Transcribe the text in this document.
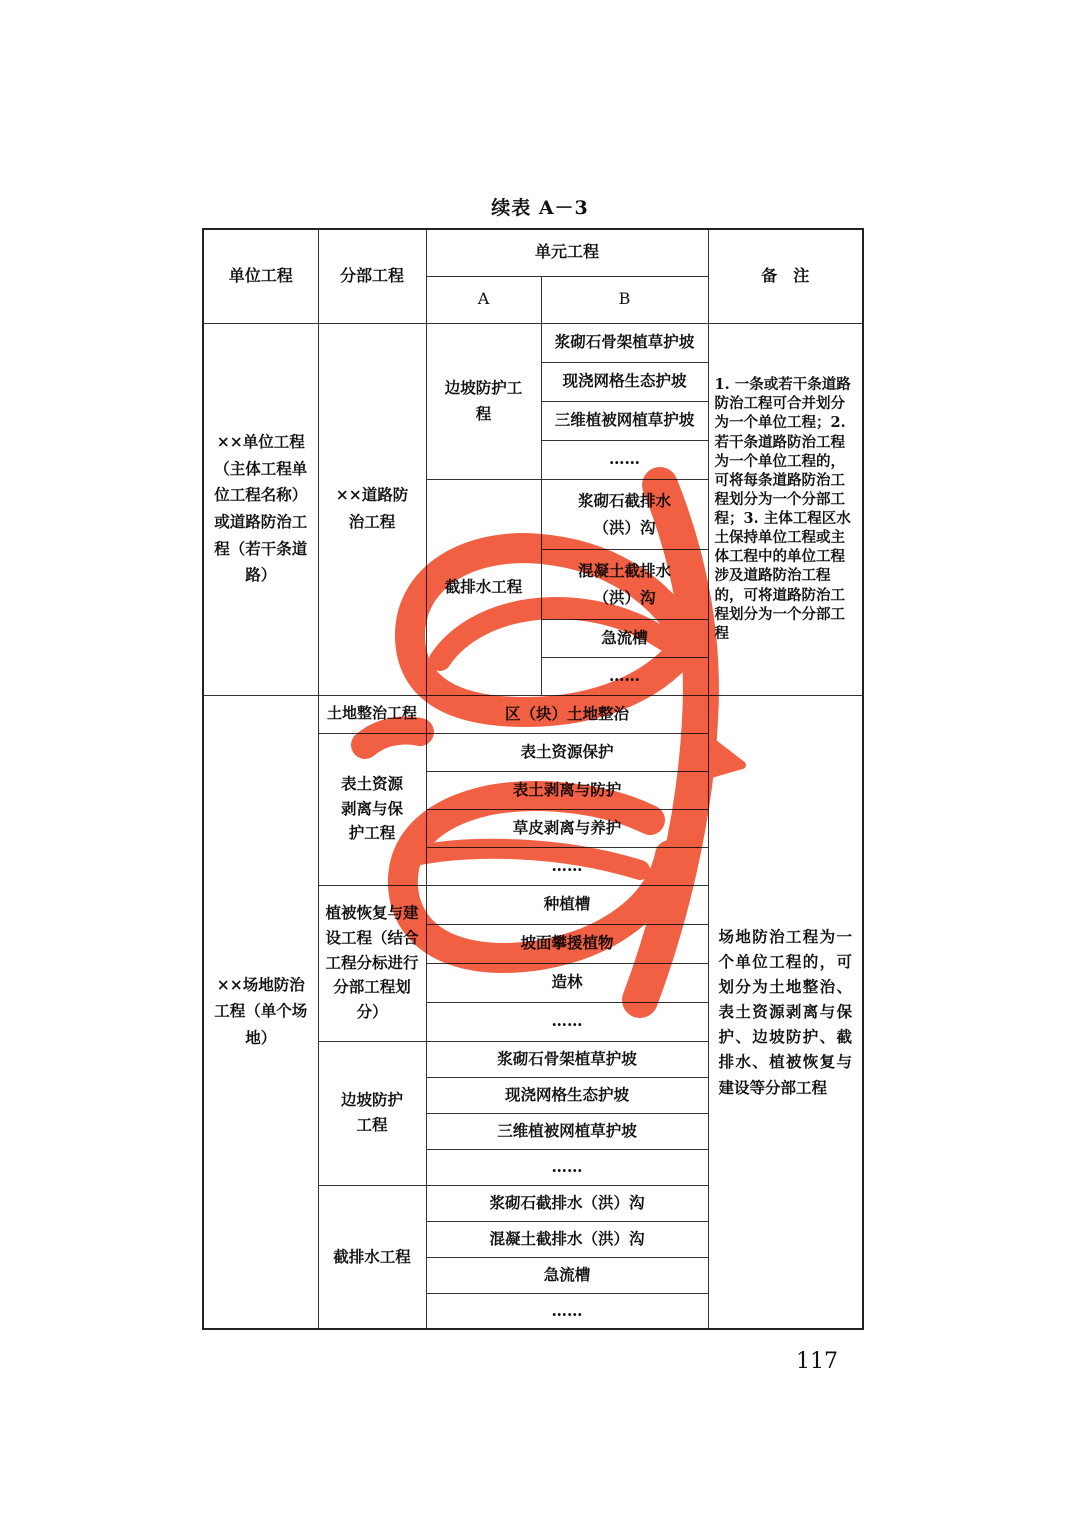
续表 A－3
单位工程	分部工程	单元工程		备　注
		A	B	
××单位工程（主体工程单位工程名称）或道路防治工程（若干条道路）	××道路防治工程	边坡防护工程	浆砌石骨架植草护坡	1. 一条或若干条道路防治工程可合并划分为一个单位工程；2. 若干条道路防治工程为一个单位工程的，可将每条道路防治工程划分为一个分部工程；3. 主体工程区水土保持单位工程或主体工程中的单位工程涉及道路防治工程的，可将道路防治工程划分为一个分部工程
			现浇网格生态护坡	
			三维植被网植草护坡	
			……	
		截排水工程	浆砌石截排水（洪）沟	
			混凝土截排水（洪）沟	
			急流槽	
			……	
××场地防治工程（单个场地）	土地整治工程	区（块）土地整治		场地防治工程为一个单位工程的，可划分为土地整治、表土资源剥离与保护、边坡防护、截排水、植被恢复与建设等分部工程
	表土资源剥离与保护工程	表土资源保护		
		表土剥离与防护		
		草皮剥离与养护		
		……		
	植被恢复与建设工程（结合工程分标进行分部工程划分）	种植槽		
		坡面攀援植物		
		造林		
		……		
	边坡防护工程	浆砌石骨架植草护坡		
		现浇网格生态护坡		
		三维植被网植草护坡		
		……		
	截排水工程	浆砌石截排水（洪）沟		
		混凝土截排水（洪）沟		
		急流槽		
		……		
117
